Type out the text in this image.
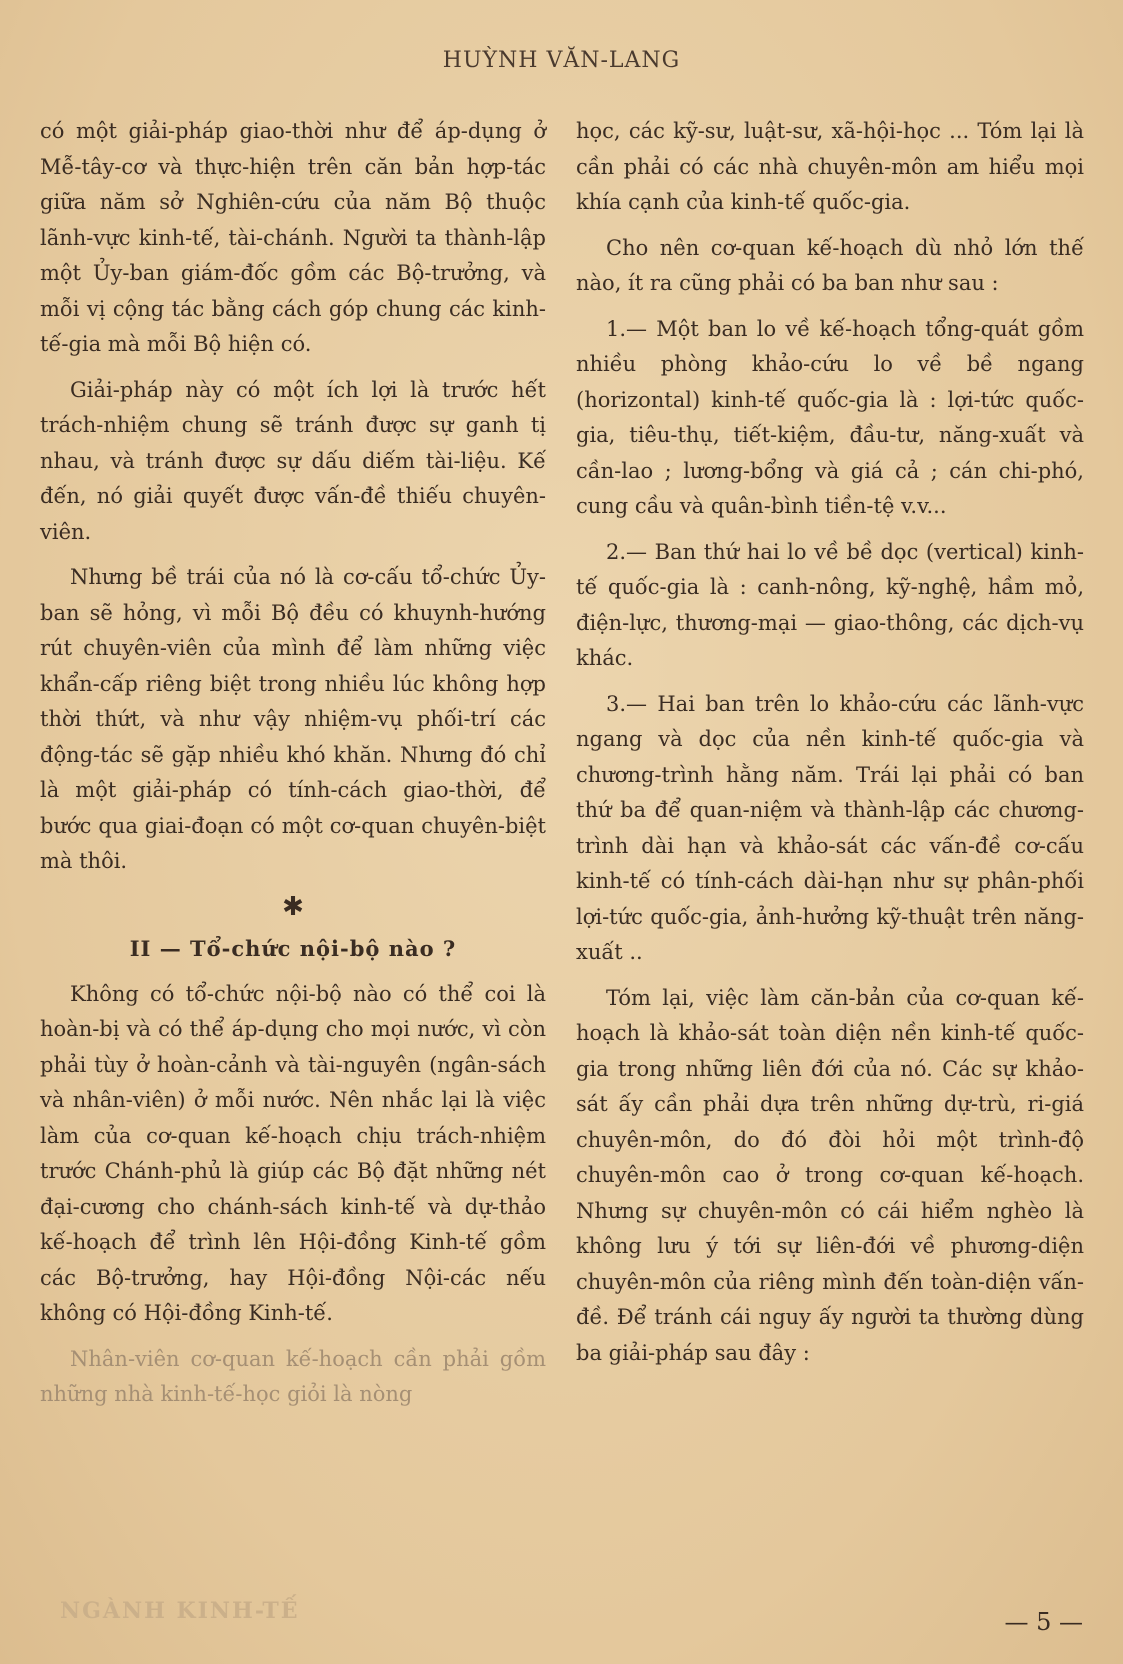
HUỲNH VĂN-LANG

có một giải-pháp giao-thời như để áp-dụng ở Mễ-tây-cơ và thực-hiện trên căn bản hợp-tác giữa năm sở Nghiên-cứu của năm Bộ thuộc lãnh-vực kinh-tế, tài-chánh. Người ta thành-lập một Ủy-ban giám-đốc gồm các Bộ-trưởng, và mỗi vị cộng tác bằng cách góp chung các kinh-tế-gia mà mỗi Bộ hiện có.

Giải-pháp này có một ích lợi là trước hết trách-nhiệm chung sẽ tránh được sự ganh tị nhau, và tránh được sự dấu diếm tài-liệu. Kế đến, nó giải quyết được vấn-đề thiếu chuyên-viên.

Nhưng bề trái của nó là cơ-cấu tổ-chức Ủy-ban sẽ hỏng, vì mỗi Bộ đều có khuynh-hướng rút chuyên-viên của mình để làm những việc khẩn-cấp riêng biệt trong nhiều lúc không hợp thời thứt, và như vậy nhiệm-vụ phối-trí các động-tác sẽ gặp nhiều khó khăn. Nhưng đó chỉ là một giải-pháp có tính-cách giao-thời, để bước qua giai-đoạn có một cơ-quan chuyên-biệt mà thôi.

✱
II — Tổ-chức nội-bộ nào ?

Không có tổ-chức nội-bộ nào có thể coi là hoàn-bị và có thể áp-dụng cho mọi nước, vì còn phải tùy ở hoàn-cảnh và tài-nguyên (ngân-sách và nhân-viên) ở mỗi nước. Nên nhắc lại là việc làm của cơ-quan kế-hoạch chịu trách-nhiệm trước Chánh-phủ là giúp các Bộ đặt những nét đại-cương cho chánh-sách kinh-tế và dự-thảo kế-hoạch để trình lên Hội-đồng Kinh-tế gồm các Bộ-trưởng, hay Hội-đồng Nội-các nếu không có Hội-đồng Kinh-tế.

Nhân-viên cơ-quan kế-hoạch cần phải gồm những nhà kinh-tế-học giỏi là nòng

học, các kỹ-sư, luật-sư, xã-hội-học ... Tóm lại là cần phải có các nhà chuyên-môn am hiểu mọi khía cạnh của kinh-tế quốc-gia.

Cho nên cơ-quan kế-hoạch dù nhỏ lớn thế nào, ít ra cũng phải có ba ban như sau :

1.— Một ban lo về kế-hoạch tổng-quát gồm nhiều phòng khảo-cứu lo về bề ngang (horizontal) kinh-tế quốc-gia là : lợi-tức quốc-gia, tiêu-thụ, tiết-kiệm, đầu-tư, năng-xuất và cần-lao ; lương-bổng và giá cả ; cán chi-phó, cung cầu và quân-bình tiền-tệ v.v...

2.— Ban thứ hai lo về bề dọc (vertical) kinh-tế quốc-gia là : canh-nông, kỹ-nghệ, hầm mỏ, điện-lực, thương-mại — giao-thông, các dịch-vụ khác.

3.— Hai ban trên lo khảo-cứu các lãnh-vực ngang và dọc của nền kinh-tế quốc-gia và chương-trình hằng năm. Trái lại phải có ban thứ ba để quan-niệm và thành-lập các chương-trình dài hạn và khảo-sát các vấn-đề cơ-cấu kinh-tế có tính-cách dài-hạn như sự phân-phối lợi-tức quốc-gia, ảnh-hưởng kỹ-thuật trên năng-xuất ..

Tóm lại, việc làm căn-bản của cơ-quan kế-hoạch là khảo-sát toàn diện nền kinh-tế quốc-gia trong những liên đới của nó. Các sự khảo-sát ấy cần phải dựa trên những dự-trù, ri-giá chuyên-môn, do đó đòi hỏi một trình-độ chuyên-môn cao ở trong cơ-quan kế-hoạch. Nhưng sự chuyên-môn có cái hiểm nghèo là không lưu ý tới sự liên-đới về phương-diện chuyên-môn của riêng mình đến toàn-diện vấn-đề. Để tránh cái nguy ấy người ta thường dùng ba giải-pháp sau đây :

NGÀNH KINH-TẾ	— 5 —
